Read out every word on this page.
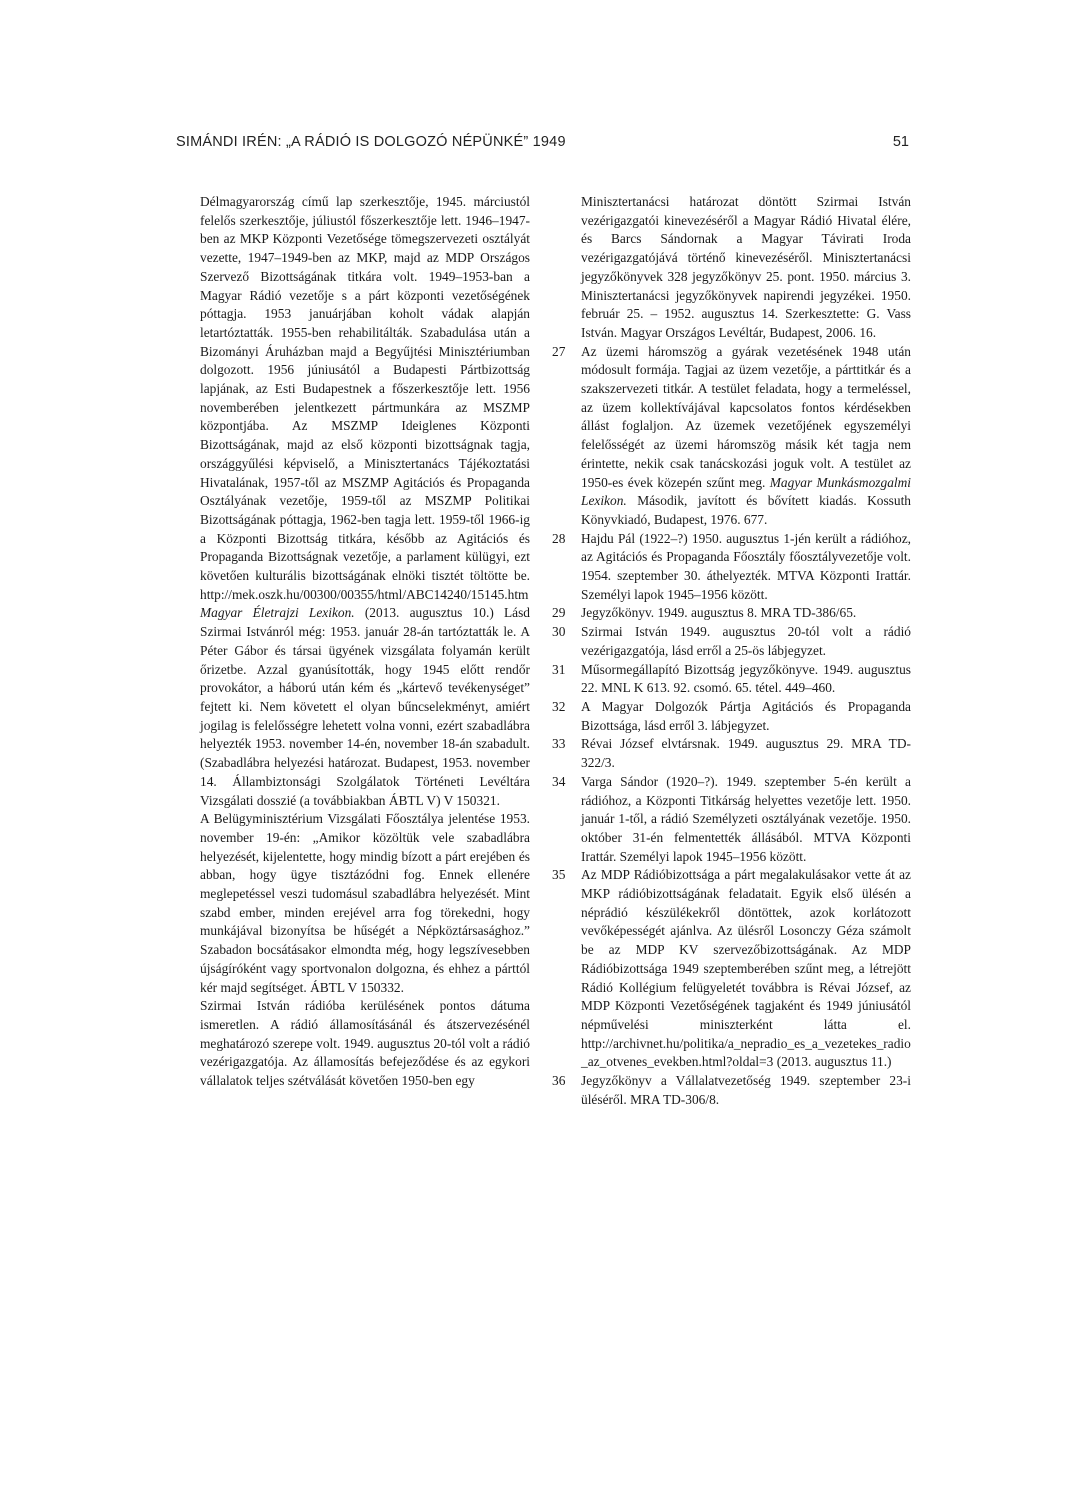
SIMÁNDI IRÉN: „A RÁDIÓ IS DOLGOZÓ NÉPÜNKÉ” 1949	51

Délmagyarország című lap szerkesztője, 1945. márciustól felelős szerkesztője, júliustól főszerkesztője lett. 1946–1947-ben az MKP Központi Vezetősége tömegszervezeti osztályát vezette, 1947–1949-ben az MKP, majd az MDP Országos Szervező Bizottságának titkára volt. 1949–1953-ban a Magyar Rádió vezetője s a párt központi vezetőségének póttagja. 1953 januárjában koholt vádak alapján letartóztatták. 1955-ben rehabilitálták. Szabadulása után a Bizományi Áruházban majd a Begyűjtési Minisztériumban dolgozott. 1956 júniusától a Budapesti Pártbizottság lapjának, az Esti Budapestnek a főszerkesztője lett. 1956 novemberében jelentkezett pártmunkára az MSZMP központjába. Az MSZMP Ideiglenes Központi Bizottságának, majd az első központi bizottságnak tagja, országgyűlési képviselő, a Minisztertanács Tájékoztatási Hivatalának, 1957-től az MSZMP Agitációs és Propaganda Osztályának vezetője, 1959-től az MSZMP Politikai Bizottságának póttagja, 1962-ben tagja lett. 1959-től 1966-ig a Központi Bizottság titkára, később az Agitációs és Propaganda Bizottságnak vezetője, a parlament külügyi, ezt követően kulturális bizottságának elnöki tisztét töltötte be. http://mek.oszk.hu/00300/00355/html/ABC14240/15145.htm Magyar Életrajzi Lexikon. (2013. augusztus 10.) Lásd Szirmai Istvánról még: 1953. január 28-án tartóztatták le. A Péter Gábor és társai ügyének vizsgálata folyamán került őrizetbe. Azzal gyanúsították, hogy 1945 előtt rendőr provokátor, a háború után kém és „kártevő tevékenységet” fejtett ki. Nem követett el olyan bűncselekményt, amiért jogilag is felelősségre lehetett volna vonni, ezért szabadlábra helyezték 1953. november 14-én, november 18-án szabadult. (Szabadlábra helyezési határozat. Budapest, 1953. november 14. Állambiztonsági Szolgálatok Történeti Levéltára Vizsgálati dosszié (a továbbiakban ÁBTL V) V 150321.

A Belügyminisztérium Vizsgálati Főosztálya jelentése 1953. november 19-én: „Amikor közöltük vele szabadlábra helyezését, kijelentette, hogy mindig bízott a párt erejében és abban, hogy ügye tisztázódni fog. Ennek ellenére meglepetéssel veszi tudomásul szabadlábra helyezését. Mint szabd ember, minden erejével arra fog törekedni, hogy munkájával bizonyítsa be hűségét a Népköztársasághoz.” Szabadon bocsátásakor elmondta még, hogy legszívesebben újságíróként vagy sportvonalon dolgozna, és ehhez a párttól kér majd segítséget. ÁBTL V 150332.

Szirmai István rádióba kerülésének pontos dátuma ismeretlen. A rádió államosításánál és átszervezésénél meghatározó szerepe volt. 1949. augusztus 20-tól volt a rádió vezérigazgatója. Az államosítás befejeződése és az egykori vállalatok teljes szétválását követően 1950-ben egy

Minisztertanácsi határozat döntött Szirmai István vezérigazgatói kinevezéséről a Magyar Rádió Hivatal élére, és Barcs Sándornak a Magyar Távirati Iroda vezérigazgatójává történő kinevezéséről. Minisztertanácsi jegyzőkönyvek 328 jegyzőkönyv 25. pont. 1950. március 3. Minisztertanácsi jegyzőkönyvek napirendi jegyzékei. 1950. február 25. – 1952. augusztus 14. Szerkesztette: G. Vass István. Magyar Országos Levéltár, Budapest, 2006. 16.

27	Az üzemi háromszög a gyárak vezetésének 1948 után módosult formája. Tagjai az üzem vezetője, a párttitkár és a szakszervezeti titkár. A testület feladata, hogy a termeléssel, az üzem kollektívájával kapcsolatos fontos kérdésekben állást foglaljon. Az üzemek vezetőjének egyszemélyi felelősségét az üzemi háromszög másik két tagja nem érintette, nekik csak tanácskozási joguk volt. A testület az 1950-es évek közepén szűnt meg. Magyar Munkásmozgalmi Lexikon. Második, javított és bővített kiadás. Kossuth Könyvkiadó, Budapest, 1976. 677.

28	Hajdu Pál (1922–?) 1950. augusztus 1-jén került a rádióhoz, az Agitációs és Propaganda Főosztály főosztályvezetője volt. 1954. szeptember 30. áthelyezték. MTVA Központi Irattár. Személyi lapok 1945–1956 között.

29	Jegyzőkönyv. 1949. augusztus 8. MRA TD-386/65.

30	Szirmai István 1949. augusztus 20-tól volt a rádió vezérigazgatója, lásd erről a 25-ös lábjegyzet.

31	Műsormegállapító Bizottság jegyzőkönyve. 1949. augusztus 22. MNL K 613. 92. csomó. 65. tétel. 449–460.

32	A Magyar Dolgozók Pártja Agitációs és Propaganda Bizottsága, lásd erről 3. lábjegyzet.

33	Révai József elvtársnak. 1949. augusztus 29. MRA TD-322/3.

34	Varga Sándor (1920–?). 1949. szeptember 5-én került a rádióhoz, a Központi Titkárság helyettes vezetője lett. 1950. január 1-től, a rádió Személyzeti osztályának vezetője. 1950. október 31-én felmentették állásából. MTVA Központi Irattár. Személyi lapok 1945–1956 között.

35	Az MDP Rádióbizottsága a párt megalakulásakor vette át az MKP rádióbizottságának feladatait. Egyik első ülésén a néprádió készülékekről döntöttek, azok korlátozott vevőképességét ajánlva. Az ülésről Losonczy Géza számolt be az MDP KV szervezőbizottságának. Az MDP Rádióbizottsága 1949 szeptemberében szűnt meg, a létrejött Rádió Kollégium felügyeletét továbbra is Révai József, az MDP Központi Vezetőségének tagjaként és 1949 júniusától népművelési miniszterként látta el. http://archivnet.hu/politika/a_nepradio_es_a_vezetekes_radio_az_otvenes_evekben.html?oldal=3 (2013. augusztus 11.)

36	Jegyzőkönyv a Vállalatvezetőség 1949. szeptember 23-i üléséről. MRA TD-306/8.
